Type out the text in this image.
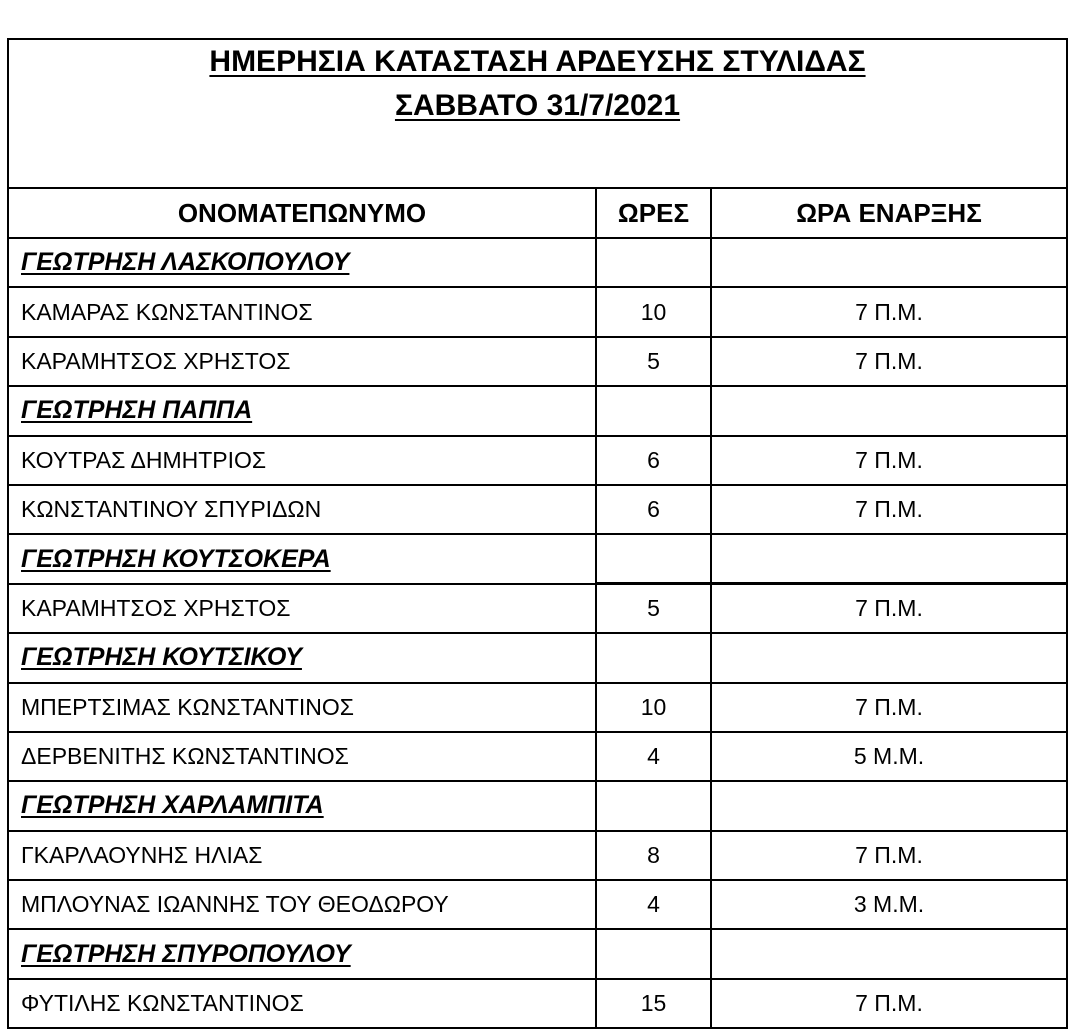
ΗΜΕΡΗΣΙΑ ΚΑΤΑΣΤΑΣΗ ΑΡΔΕΥΣΗΣ ΣΤΥΛΙΔΑΣ
ΣΑΒΒΑΤΟ 31/7/2021		

ΟΝΟΜΑΤΕΠΩΝΥΜΟ	ΩΡΕΣ	ΩΡΑ ΕΝΑΡΞΗΣ
ΓΕΩΤΡΗΣΗ ΛΑΣΚΟΠΟΥΛΟΥ		
ΚΑΜΑΡΑΣ ΚΩΝΣΤΑΝΤΙΝΟΣ	10	7 Π.Μ.
ΚΑΡΑΜΗΤΣΟΣ ΧΡΗΣΤΟΣ	5	7 Π.Μ.
ΓΕΩΤΡΗΣΗ ΠΑΠΠΑ		
ΚΟΥΤΡΑΣ ΔΗΜΗΤΡΙΟΣ	6	7 Π.Μ.
ΚΩΝΣΤΑΝΤΙΝΟΥ ΣΠΥΡΙΔΩΝ	6	7 Π.Μ.
ΓΕΩΤΡΗΣΗ ΚΟΥΤΣΟΚΕΡΑ		
ΚΑΡΑΜΗΤΣΟΣ ΧΡΗΣΤΟΣ	5	7 Π.Μ.
ΓΕΩΤΡΗΣΗ ΚΟΥΤΣΙΚΟΥ		
ΜΠΕΡΤΣΙΜΑΣ ΚΩΝΣΤΑΝΤΙΝΟΣ	10	7 Π.Μ.
ΔΕΡΒΕΝΙΤΗΣ ΚΩΝΣΤΑΝΤΙΝΟΣ	4	5 Μ.Μ.
ΓΕΩΤΡΗΣΗ ΧΑΡΛΑΜΠΙΤΑ		
ΓΚΑΡΛΑΟΥΝΗΣ ΗΛΙΑΣ	8	7 Π.Μ.
ΜΠΛΟΥΝΑΣ ΙΩΑΝΝΗΣ ΤΟΥ ΘΕΟΔΩΡΟΥ	4	3 Μ.Μ.
ΓΕΩΤΡΗΣΗ ΣΠΥΡΟΠΟΥΛΟΥ		
ΦΥΤΙΛΗΣ ΚΩΝΣΤΑΝΤΙΝΟΣ	15	7 Π.Μ.
